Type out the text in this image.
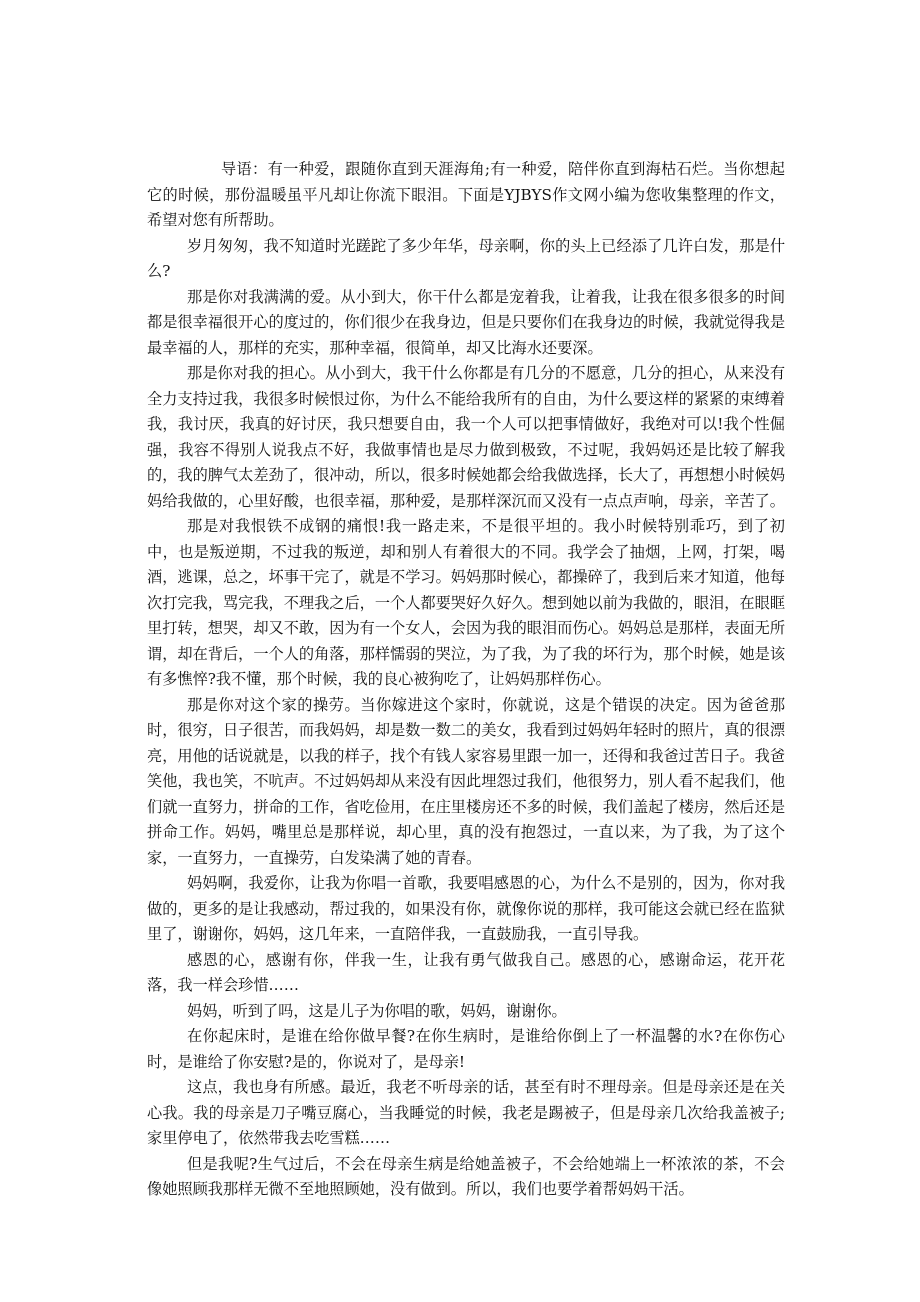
导语：有一种爱，跟随你直到天涯海角;有一种爱，陪伴你直到海枯石烂。当你想起它的时候，那份温暖虽平凡却让你流下眼泪。下面是YJBYS作文网小编为您收集整理的作文，希望对您有所帮助。

岁月匆匆，我不知道时光蹉跎了多少年华，母亲啊，你的头上已经添了几许白发，那是什么?

那是你对我满满的爱。从小到大，你干什么都是宠着我，让着我，让我在很多很多的时间都是很幸福很开心的度过的，你们很少在我身边，但是只要你们在我身边的时候，我就觉得我是最幸福的人，那样的充实，那种幸福，很简单，却又比海水还要深。

那是你对我的担心。从小到大，我干什么你都是有几分的不愿意，几分的担心，从来没有全力支持过我，我很多时候恨过你，为什么不能给我所有的自由，为什么要这样的紧紧的束缚着我，我讨厌，我真的好讨厌，我只想要自由，我一个人可以把事情做好，我绝对可以!我个性倔强，我容不得别人说我点不好，我做事情也是尽力做到极致，不过呢，我妈妈还是比较了解我的，我的脾气太差劲了，很冲动，所以，很多时候她都会给我做选择，长大了，再想想小时候妈妈给我做的，心里好酸，也很幸福，那种爱，是那样深沉而又没有一点点声响，母亲，辛苦了。

那是对我恨铁不成钢的痛恨!我一路走来，不是很平坦的。我小时候特别乖巧，到了初中，也是叛逆期，不过我的叛逆，却和别人有着很大的不同。我学会了抽烟，上网，打架，喝酒，逃课，总之，坏事干完了，就是不学习。妈妈那时候心，都操碎了，我到后来才知道，他每次打完我，骂完我，不理我之后，一个人都要哭好久好久。想到她以前为我做的，眼泪，在眼眶里打转，想哭，却又不敢，因为有一个女人，会因为我的眼泪而伤心。妈妈总是那样，表面无所谓，却在背后，一个人的角落，那样懦弱的哭泣，为了我，为了我的坏行为，那个时候，她是该有多憔悴?我不懂，那个时候，我的良心被狗吃了，让妈妈那样伤心。

那是你对这个家的操劳。当你嫁进这个家时，你就说，这是个错误的决定。因为爸爸那时，很穷，日子很苦，而我妈妈，却是数一数二的美女，我看到过妈妈年轻时的照片，真的很漂亮，用他的话说就是，以我的样子，找个有钱人家容易里跟一加一，还得和我爸过苦日子。我爸笑他，我也笑，不吭声。不过妈妈却从来没有因此埋怨过我们，他很努力，别人看不起我们，他们就一直努力，拼命的工作，省吃俭用，在庄里楼房还不多的时候，我们盖起了楼房，然后还是拼命工作。妈妈，嘴里总是那样说，却心里，真的没有抱怨过，一直以来，为了我，为了这个家，一直努力，一直操劳，白发染满了她的青春。

妈妈啊，我爱你，让我为你唱一首歌，我要唱感恩的心，为什么不是别的，因为，你对我做的，更多的是让我感动，帮过我的，如果没有你，就像你说的那样，我可能这会就已经在监狱里了，谢谢你，妈妈，这几年来，一直陪伴我，一直鼓励我，一直引导我。

感恩的心，感谢有你，伴我一生，让我有勇气做我自己。感恩的心，感谢命运，花开花落，我一样会珍惜……

妈妈，听到了吗，这是儿子为你唱的歌，妈妈，谢谢你。

在你起床时，是谁在给你做早餐?在你生病时，是谁给你倒上了一杯温馨的水?在你伤心时，是谁给了你安慰?是的，你说对了，是母亲!

这点，我也身有所感。最近，我老不听母亲的话，甚至有时不理母亲。但是母亲还是在关心我。我的母亲是刀子嘴豆腐心，当我睡觉的时候，我老是踢被子，但是母亲几次给我盖被子;家里停电了，依然带我去吃雪糕……

但是我呢?生气过后，不会在母亲生病是给她盖被子，不会给她端上一杯浓浓的茶，不会像她照顾我那样无微不至地照顾她，没有做到。所以，我们也要学着帮妈妈干活。
